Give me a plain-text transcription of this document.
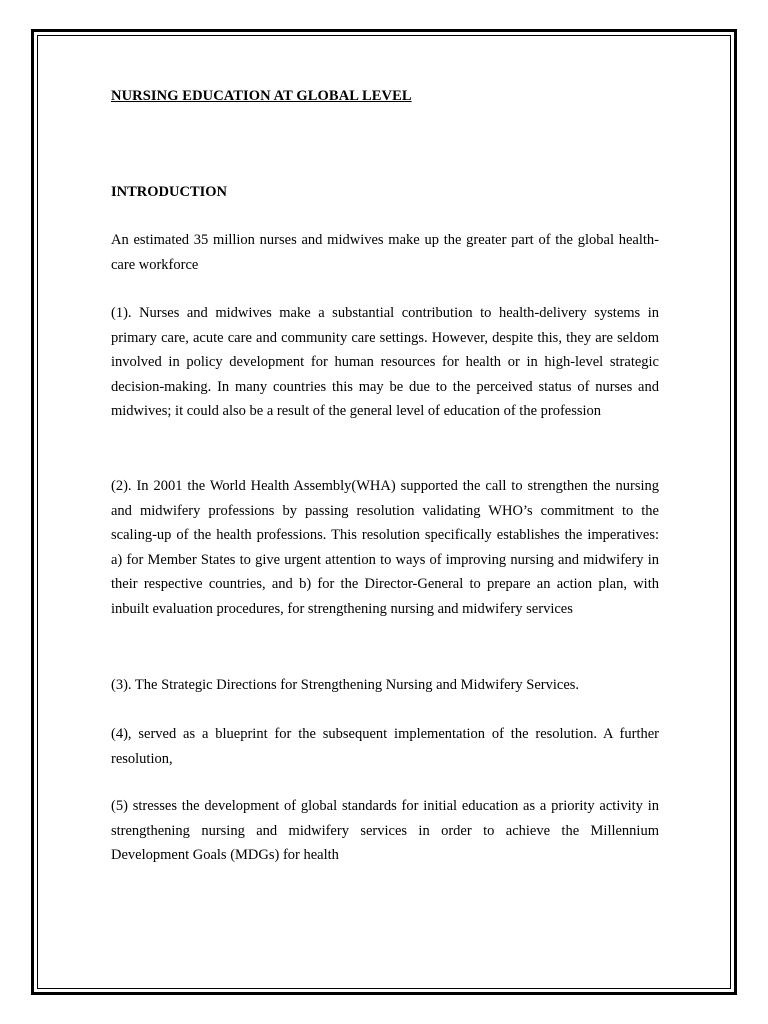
NURSING EDUCATION AT GLOBAL LEVEL
INTRODUCTION

An estimated 35 million nurses and midwives make up the greater part of the global health-care workforce

(1). Nurses and midwives make a substantial contribution to health-delivery systems in primary care, acute care and community care settings. However, despite this, they are seldom involved in policy development for human resources for health or in high-level strategic decision-making. In many countries this may be due to the perceived status of nurses and midwives; it could also be a result of the general level of education of the profession

(2). In 2001 the World Health Assembly(WHA) supported the call to strengthen the nursing and midwifery professions by passing resolution validating WHO’s commitment to the scaling-up of the health professions. This resolution specifically establishes the imperatives: a) for Member States to give urgent attention to ways of improving nursing and midwifery in their respective countries, and b) for the Director-General to prepare an action plan, with inbuilt evaluation procedures, for strengthening nursing and midwifery services

(3). The Strategic Directions for Strengthening Nursing and Midwifery Services.

(4), served as a blueprint for the subsequent implementation of the resolution. A further resolution,

(5) stresses the development of global standards for initial education as a priority activity in strengthening nursing and midwifery services in order to achieve the Millennium Development Goals (MDGs) for health
